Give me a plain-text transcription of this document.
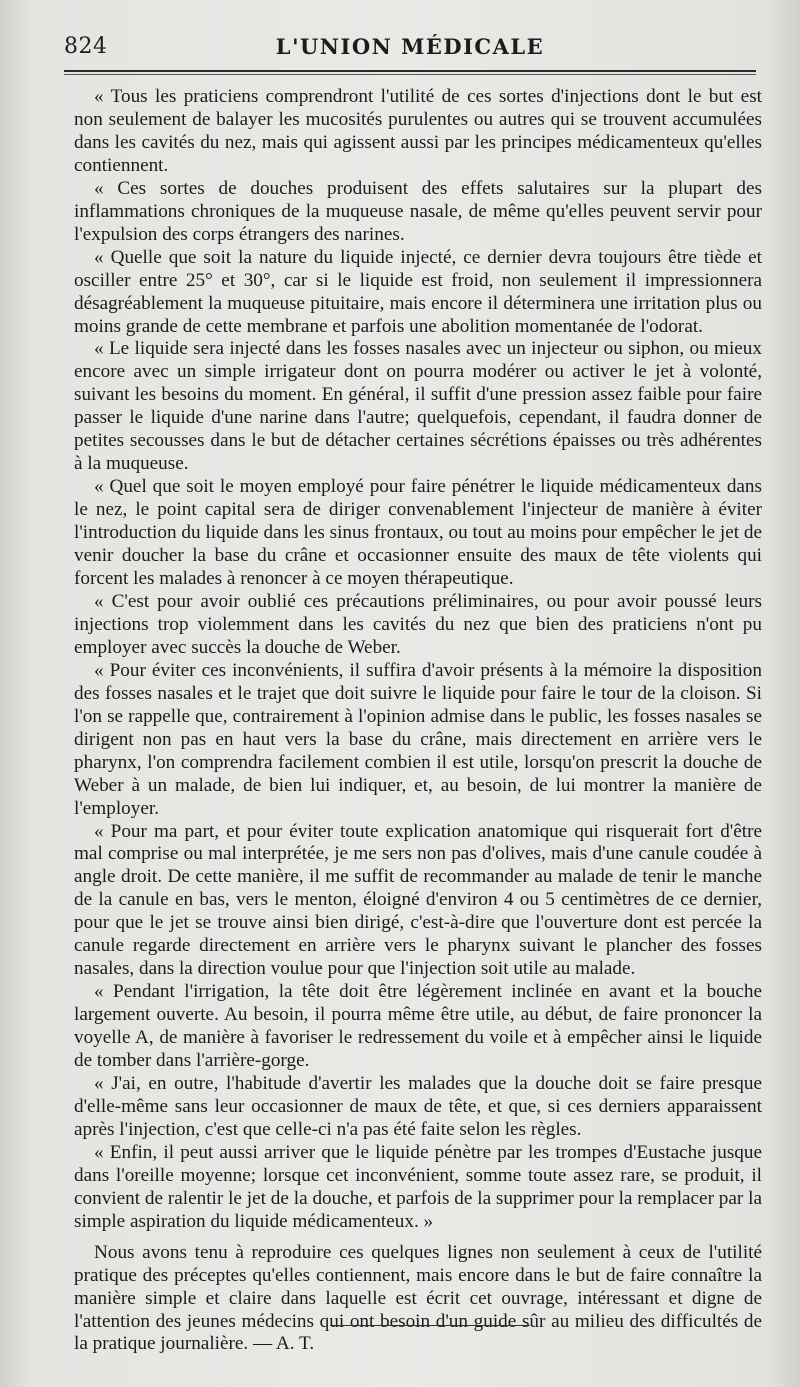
824	L'UNION MÉDICALE

« Tous les praticiens comprendront l'utilité de ces sortes d'injections dont le but est non seulement de balayer les mucosités purulentes ou autres qui se trouvent accumulées dans les cavités du nez, mais qui agissent aussi par les principes médicamenteux qu'elles contiennent.

« Ces sortes de douches produisent des effets salutaires sur la plupart des inflammations chroniques de la muqueuse nasale, de même qu'elles peuvent servir pour l'expulsion des corps étrangers des narines.

« Quelle que soit la nature du liquide injecté, ce dernier devra toujours être tiède et osciller entre 25° et 30°, car si le liquide est froid, non seulement il impressionnera désagréablement la muqueuse pituitaire, mais encore il déterminera une irritation plus ou moins grande de cette membrane et parfois une abolition momentanée de l'odorat.

« Le liquide sera injecté dans les fosses nasales avec un injecteur ou siphon, ou mieux encore avec un simple irrigateur dont on pourra modérer ou activer le jet à volonté, suivant les besoins du moment. En général, il suffit d'une pression assez faible pour faire passer le liquide d'une narine dans l'autre; quelquefois, cependant, il faudra donner de petites secousses dans le but de détacher certaines sécrétions épaisses ou très adhérentes à la muqueuse.

« Quel que soit le moyen employé pour faire pénétrer le liquide médicamenteux dans le nez, le point capital sera de diriger convenablement l'injecteur de manière à éviter l'introduction du liquide dans les sinus frontaux, ou tout au moins pour empêcher le jet de venir doucher la base du crâne et occasionner ensuite des maux de tête violents qui forcent les malades à renoncer à ce moyen thérapeutique.

« C'est pour avoir oublié ces précautions préliminaires, ou pour avoir poussé leurs injections trop violemment dans les cavités du nez que bien des praticiens n'ont pu employer avec succès la douche de Weber.

« Pour éviter ces inconvénients, il suffira d'avoir présents à la mémoire la disposition des fosses nasales et le trajet que doit suivre le liquide pour faire le tour de la cloison. Si l'on se rappelle que, contrairement à l'opinion admise dans le public, les fosses nasales se dirigent non pas en haut vers la base du crâne, mais directement en arrière vers le pharynx, l'on comprendra facilement combien il est utile, lorsqu'on prescrit la douche de Weber à un malade, de bien lui indiquer, et, au besoin, de lui montrer la manière de l'employer.

« Pour ma part, et pour éviter toute explication anatomique qui risquerait fort d'être mal comprise ou mal interprétée, je me sers non pas d'olives, mais d'une canule coudée à angle droit. De cette manière, il me suffit de recommander au malade de tenir le manche de la canule en bas, vers le menton, éloigné d'environ 4 ou 5 centimètres de ce dernier, pour que le jet se trouve ainsi bien dirigé, c'est-à-dire que l'ouverture dont est percée la canule regarde directement en arrière vers le pharynx suivant le plancher des fosses nasales, dans la direction voulue pour que l'injection soit utile au malade.

« Pendant l'irrigation, la tête doit être légèrement inclinée en avant et la bouche largement ouverte. Au besoin, il pourra même être utile, au début, de faire prononcer la voyelle A, de manière à favoriser le redressement du voile et à empêcher ainsi le liquide de tomber dans l'arrière-gorge.

« J'ai, en outre, l'habitude d'avertir les malades que la douche doit se faire presque d'elle-même sans leur occasionner de maux de tête, et que, si ces derniers apparaissent après l'injection, c'est que celle-ci n'a pas été faite selon les règles.

« Enfin, il peut aussi arriver que le liquide pénètre par les trompes d'Eustache jusque dans l'oreille moyenne; lorsque cet inconvénient, somme toute assez rare, se produit, il convient de ralentir le jet de la douche, et parfois de la supprimer pour la remplacer par la simple aspiration du liquide médicamenteux. »

Nous avons tenu à reproduire ces quelques lignes non seulement à ceux de l'utilité pratique des préceptes qu'elles contiennent, mais encore dans le but de faire connaître la manière simple et claire dans laquelle est écrit cet ouvrage, intéressant et digne de l'attention des jeunes médecins qui ont besoin d'un guide sûr au milieu des difficultés de la pratique journalière. — A. T.
